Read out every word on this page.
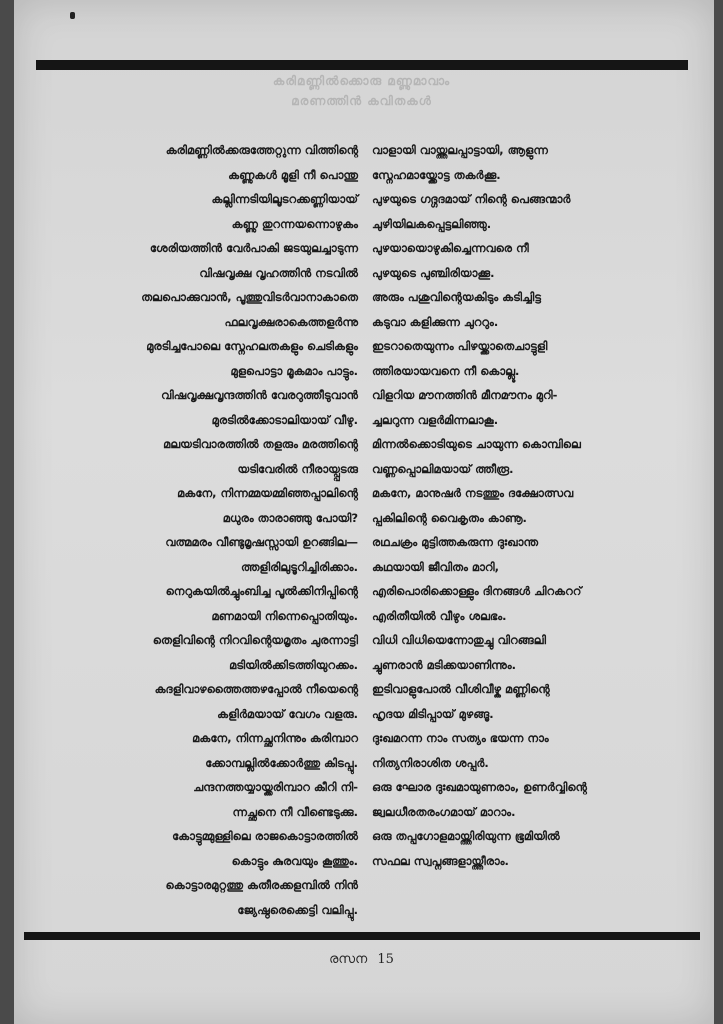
കരിമണ്ണിൽക്കൊരു മണ്ണുമാവാം
മരണത്തിൻ കവിതകൾ

കരിമണ്ണിൽക്കരുത്തേറ്റുന്ന വിത്തിന്റെ

കണ്ണുകൾ മൂളി നീ പൊന്തു

കല്ലിന്നടിയിലൂടറക്കണ്ണിയായ്

കണ്ണു തുറന്നയന്നൊഴുകം

ശേരിയത്തിൻ വേർപാകി ജടയുലച്ചാടുന്ന

വിഷവൃക്ഷ വൃഹത്തിൻ നടവിൽ

തലപൊക്കുവാൻ, പൂത്തുവിടർവാനാകാതെ

ഫലവൃക്ഷരാകെത്തളർന്നു

മുരടിച്ചപോലെ സ്നേഹലതകളും ചെടികളും

മുളപൊട്ടാ മൂകമാം പാട്ടും.

വിഷവൃക്ഷവൃന്ദത്തിൻ വേരറുത്തീടുവാൻ

മുരടിൽക്കോടാലിയായ് വീഴു.

മലയടിവാരത്തിൽ തളരും മരത്തിന്റെ

യടിവേരിൽ നീരായ്പ്പടരു

മകനേ, നിന്നമ്മയമ്മിഞ്ഞപ്പാലിന്റെ

മധുരം താരാഞ്ഞു പോയി?

വത്മമരം വീണ്ടുമൃഷസ്സായി ഉറങ്ങില—

ത്തളിരിലുടൂറിച്ചിരിക്കാം.

നെറുകയിൽച്ചുംബിച്ച പൂൽക്കിനിപ്പിന്റെ

മണമായി നിന്നെപ്പൊതിയും.

തെളിവിന്റെ നിറവിന്റെയമൃതം ചുരന്നാട്ടി

മടിയിൽക്കിടത്തിയുറക്കം.

കദളിവാഴത്തൈത്തഴപ്പോൽ നീയെന്റെ

കളിർമയായ് വേഗം വളരു.

മകനേ, നിന്നച്ഛനിന്നും കരിമ്പാറ

ക്കോമ്പല്ലിൽക്കോർത്തു കിടപ്പു.

ചന്ദനത്തയ്യായ്ക്കരിമ്പാറ കീറി നി-

ന്നച്ഛനെ നീ വീണ്ടെടുക്കു.

കോട്ടുമ്മുള്ളിലെ രാജകൊട്ടാരത്തിൽ

കൊട്ടും കുരവയും കൂത്തും.

കൊട്ടാരമുറ്റത്തു കതീരക്കളമ്പിൽ നിൻ

ജ്യേഷ്ഠരെക്കെട്ടി വലിപ്പു.

വാളായി വായ്ത്തലപ്പാട്ടായി, ആളുന്ന

സ്നേഹമായ്ക്കോട്ട തകർക്കൂ.

പുഴയുടെ ഗദ്ഗദമായ് നിന്റെ പെങ്ങന്മാർ

ചുഴിയിലകപ്പെട്ടലിഞ്ഞു.

പുഴയായൊഴുകിച്ചെന്നവരെ നീ

പുഴയുടെ പുഞ്ചിരിയാക്കൂ.

അരും പശുവിന്റെയകിടും കടിച്ചിട്ട

കടുവാ കളിക്കുന്ന ചുററും.

ഇടറാതെയുന്നം പിഴയ്ക്കാതെചാട്ടുളി

ത്തിരയായവനെ നീ കൊല്ലൂ.

വിളറിയ മൗനത്തിൻ മീനമൗനം മുറി-

ച്ചലറുന്ന വളർമിന്നലാകൂ.

മിന്നൽക്കൊടിയുടെ ചായുന്ന കൊമ്പിലെ

വണ്ണപ്പൊലിമയായ് ത്തീരൂ.

മകനേ, മാനുഷർ നടത്തും ദക്ഷോത്സവ

പ്പകിലിന്റെ വൈകൃതം കാണൂ.

രഥചക്രം മുട്ടിത്തകരുന്ന ദുഃഖാന്ത

കഥയായി ജീവിതം മാറി,

എരിപൊരിക്കൊള്ളും ദിനങ്ങൾ ചിറകററ്

എരിതീയിൽ വീഴും ശലഭം.

വിധി വിധിയെന്നോതുച്ചു വിറങ്ങലി

ച്ചുണരാൻ മടിക്കയാണിന്നും.

ഇടിവാളുപോൽ വീശിവീഴ്ക മണ്ണിന്റെ

ഹൃദയ മിടിപ്പായ് മുഴങ്ങൂ.

ദുഃഖമറന്ന നാം സത്യം ഭയന്ന നാം

നിത്യനിരാശിത ശപ്പർ.

ഒരു ഘോര ദുഃഖമായുണരാം, ഉണർവ്വിന്റെ

ജ്വലധീരതരംഗമായ് മാറാം.

ഒരു തപ്പഗോളമായ്ത്തിരിയുന്ന ഭൂമിയിൽ

സഫല സ്വപ്നങ്ങളായ്ത്തീരാം.

രസന 15
